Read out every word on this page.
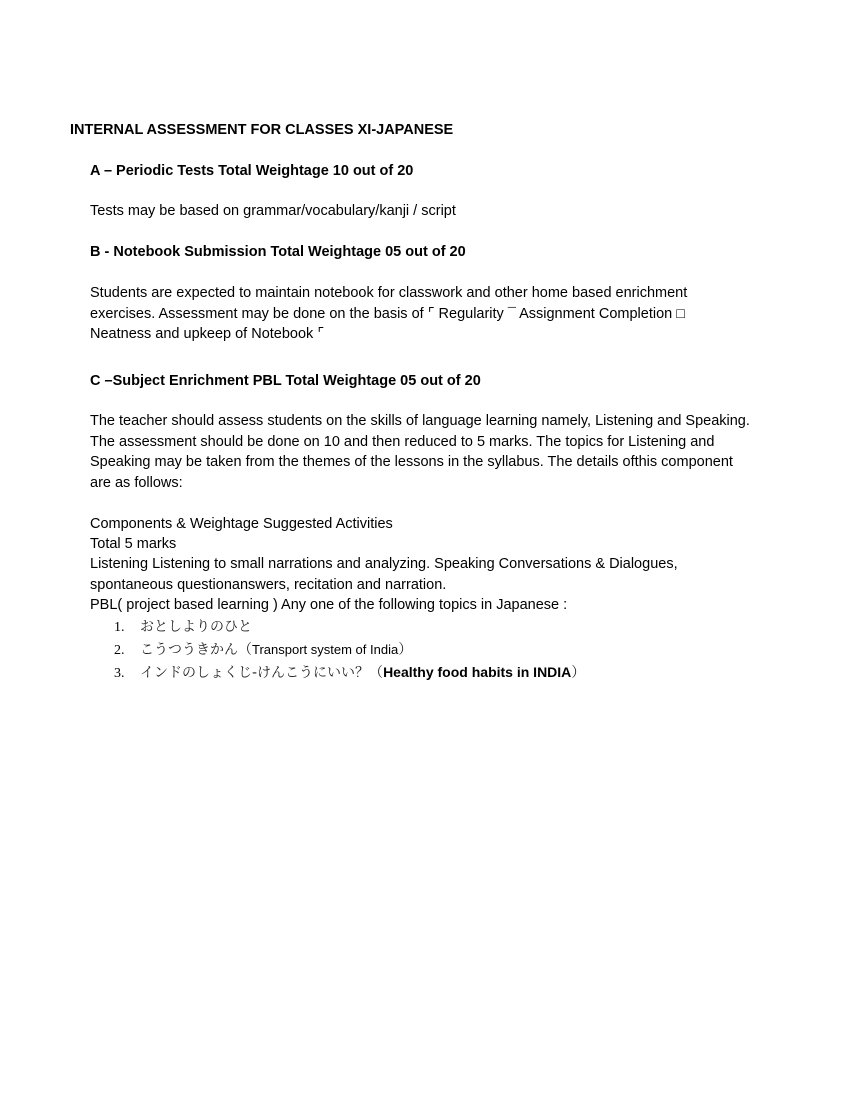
INTERNAL ASSESSMENT FOR CLASSES XI-JAPANESE
A – Periodic Tests Total Weightage 10 out of 20
Tests may be based on grammar/vocabulary/kanji / script
B - Notebook Submission Total Weightage 05 out of 20
Students are expected to maintain notebook for classwork and other home based enrichment exercises. Assessment may be done on the basis of ⌜ Regularity ¯ Assignment Completion □ Neatness and upkeep of Notebook ⌜
C –Subject Enrichment PBL Total Weightage 05 out of 20
The teacher should assess students on the skills of language learning namely, Listening and Speaking. The assessment should be done on 10 and then reduced to 5 marks. The topics for Listening and Speaking may be taken from the themes of the lessons in the syllabus. The details ofthis component are as follows:
Components & Weightage Suggested Activities
Total 5 marks
Listening Listening to small narrations and analyzing. Speaking Conversations & Dialogues,
spontaneous questionanswers, recitation and narration.
PBL( project based learning ) Any one of the following topics in Japanese :
1. おとしよりのひと
2. こうつうきかん（Transport system of India）
3. インドのしょくじ-けんこうにいい？（Healthy food habits in INDIA）
